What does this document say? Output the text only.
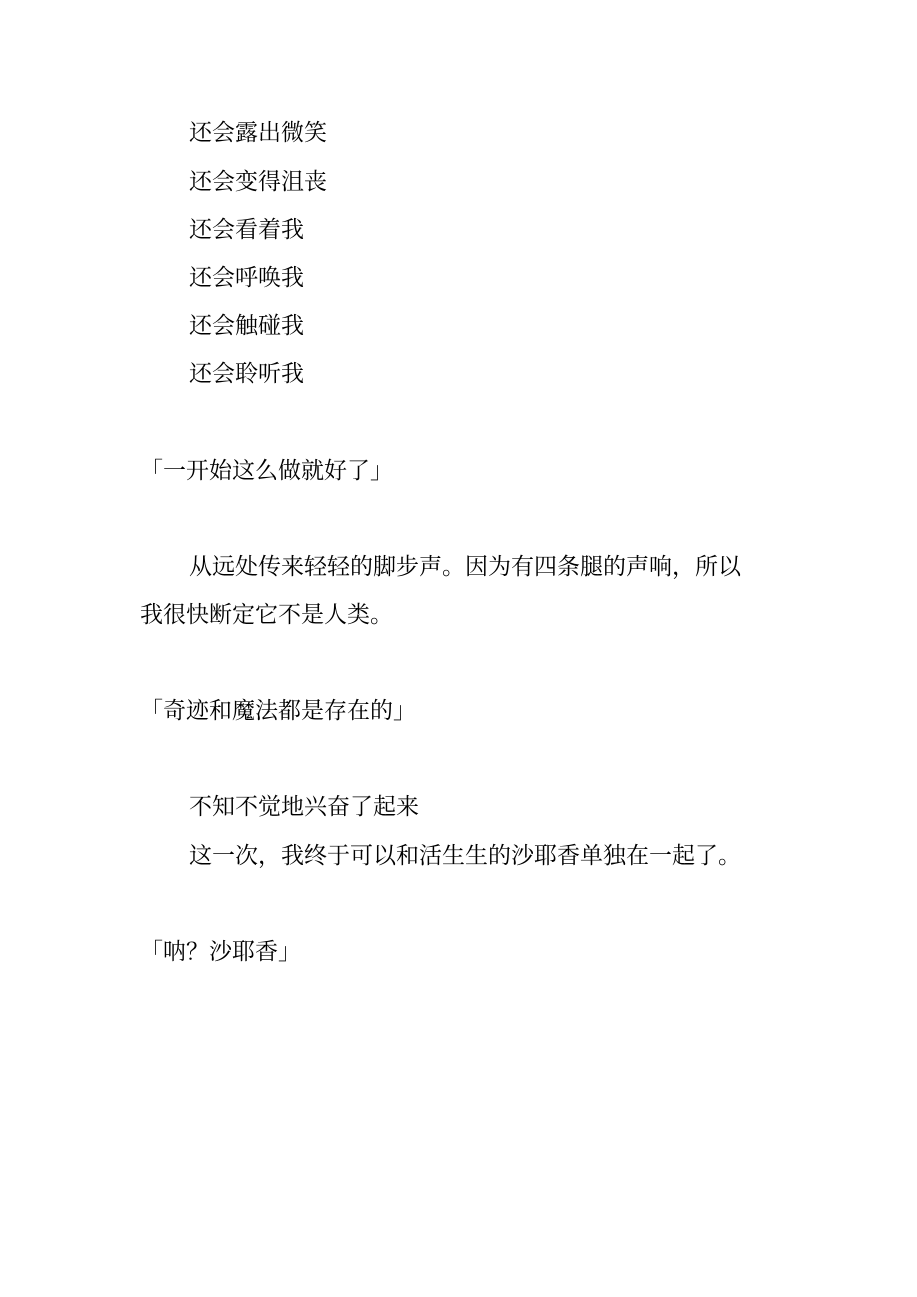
还会露出微笑
还会变得沮丧
还会看着我
还会呼唤我
还会触碰我
还会聆听我
「一开始这么做就好了」
从远处传来轻轻的脚步声。因为有四条腿的声响，所以
我很快断定它不是人类。
「奇迹和魔法都是存在的」
不知不觉地兴奋了起来
这一次，我终于可以和活生生的沙耶香单独在一起了。
「呐？沙耶香」
